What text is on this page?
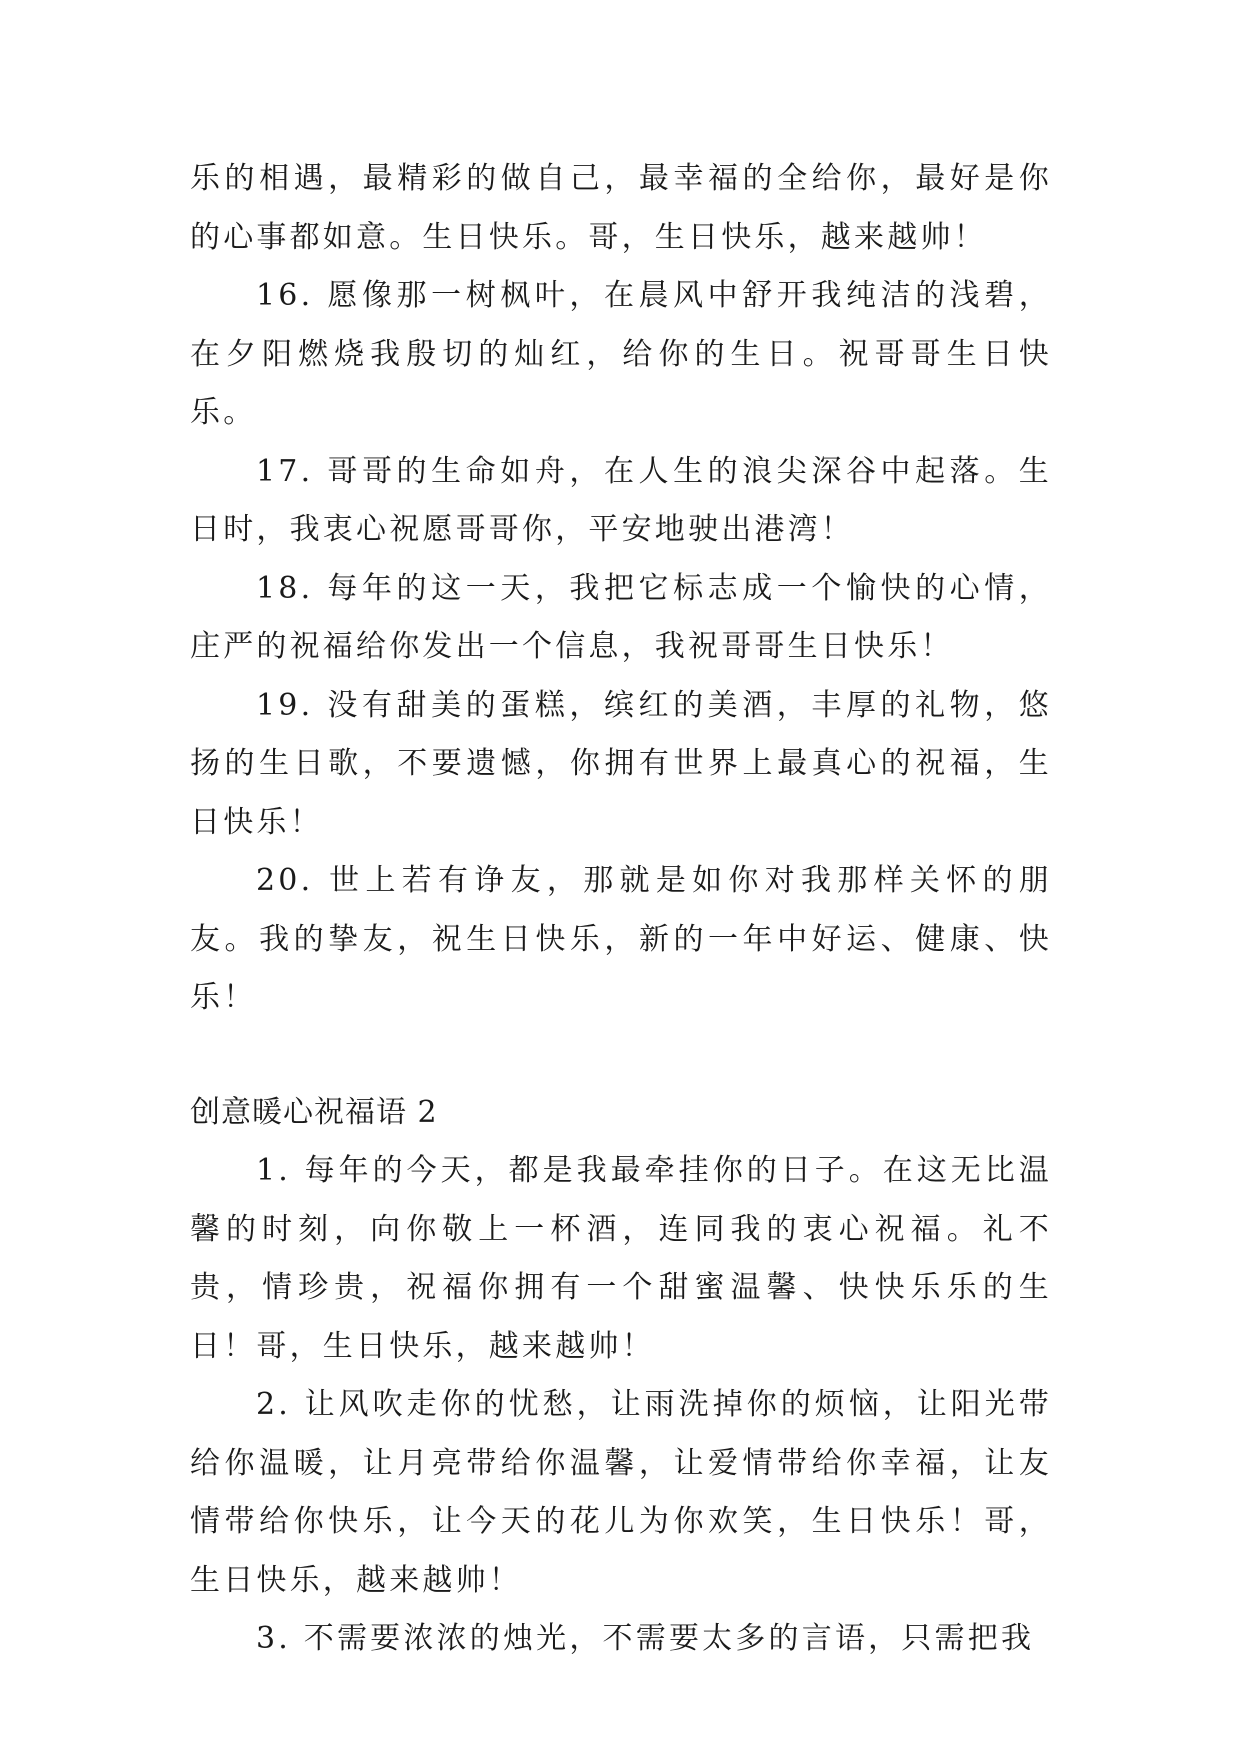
乐的相遇，最精彩的做自己，最幸福的全给你，最好是你的心事都如意。生日快乐。哥，生日快乐，越来越帅！

16. 愿像那一树枫叶，在晨风中舒开我纯洁的浅碧，在夕阳燃烧我殷切的灿红，给你的生日。祝哥哥生日快乐。

17. 哥哥的生命如舟，在人生的浪尖深谷中起落。生日时，我衷心祝愿哥哥你，平安地驶出港湾！

18. 每年的这一天，我把它标志成一个愉快的心情，庄严的祝福给你发出一个信息，我祝哥哥生日快乐！

19. 没有甜美的蛋糕，缤红的美酒，丰厚的礼物，悠扬的生日歌，不要遗憾，你拥有世界上最真心的祝福，生日快乐！

20. 世上若有诤友，那就是如你对我那样关怀的朋友。我的挚友，祝生日快乐，新的一年中好运、健康、快乐！

创意暖心祝福语 2

1. 每年的今天，都是我最牵挂你的日子。在这无比温馨的时刻，向你敬上一杯酒，连同我的衷心祝福。礼不贵，情珍贵，祝福你拥有一个甜蜜温馨、快快乐乐的生日！哥，生日快乐，越来越帅！

2. 让风吹走你的忧愁，让雨洗掉你的烦恼，让阳光带给你温暖，让月亮带给你温馨，让爱情带给你幸福，让友情带给你快乐，让今天的花儿为你欢笑，生日快乐！哥，生日快乐，越来越帅！

3. 不需要浓浓的烛光，不需要太多的言语，只需把我
